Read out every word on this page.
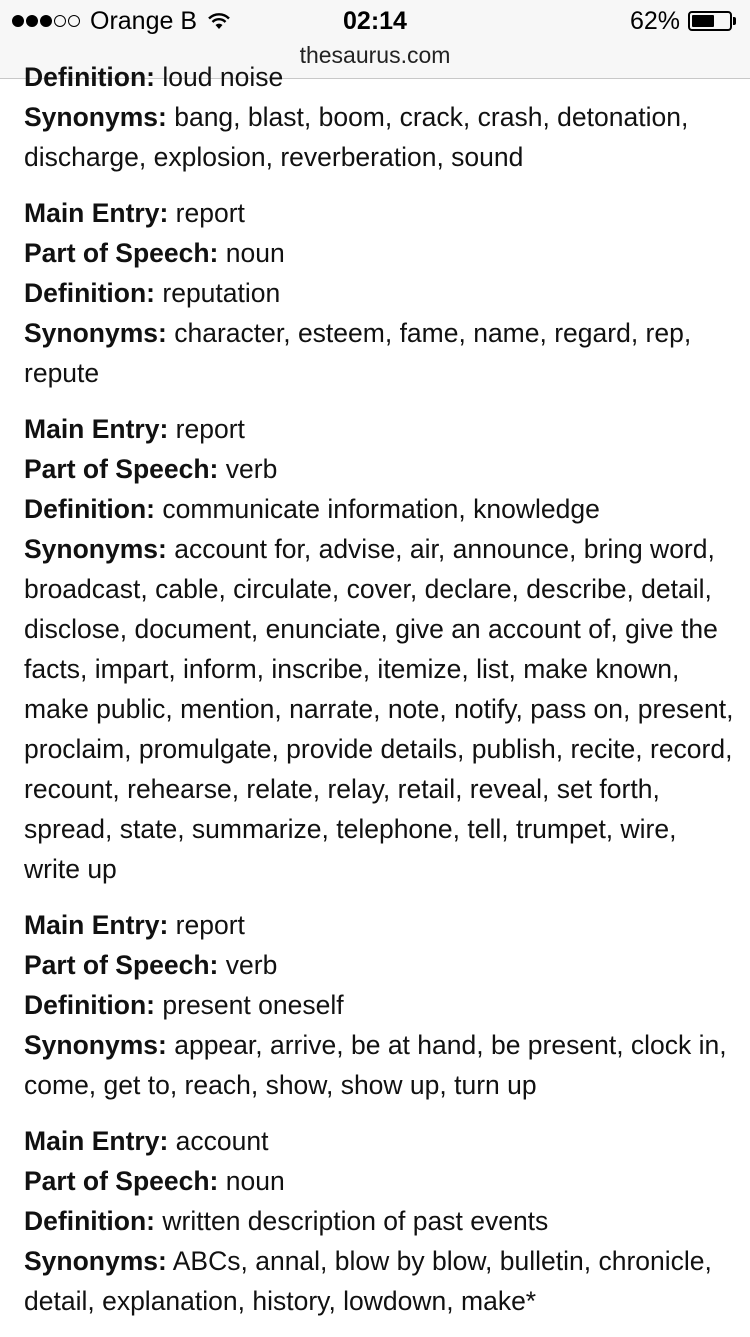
Orange B	02:14	62%
thesaurus.com
Definition: loud noise
Synonyms: bang, blast, boom, crack, crash, detonation, discharge, explosion, reverberation, sound
Main Entry: report
Part of Speech: noun
Definition: reputation
Synonyms: character, esteem, fame, name, regard, rep, repute
Main Entry: report
Part of Speech: verb
Definition: communicate information, knowledge
Synonyms: account for, advise, air, announce, bring word, broadcast, cable, circulate, cover, declare, describe, detail, disclose, document, enunciate, give an account of, give the facts, impart, inform, inscribe, itemize, list, make known, make public, mention, narrate, note, notify, pass on, present, proclaim, promulgate, provide details, publish, recite, record, recount, rehearse, relate, relay, retail, reveal, set forth, spread, state, summarize, telephone, tell, trumpet, wire, write up
Main Entry: report
Part of Speech: verb
Definition: present oneself
Synonyms: appear, arrive, be at hand, be present, clock in, come, get to, reach, show, show up, turn up
Main Entry: account
Part of Speech: noun
Definition: written description of past events
Synonyms: ABCs, annal, blow by blow, bulletin, chronicle, detail, explanation, history, lowdown, make*
